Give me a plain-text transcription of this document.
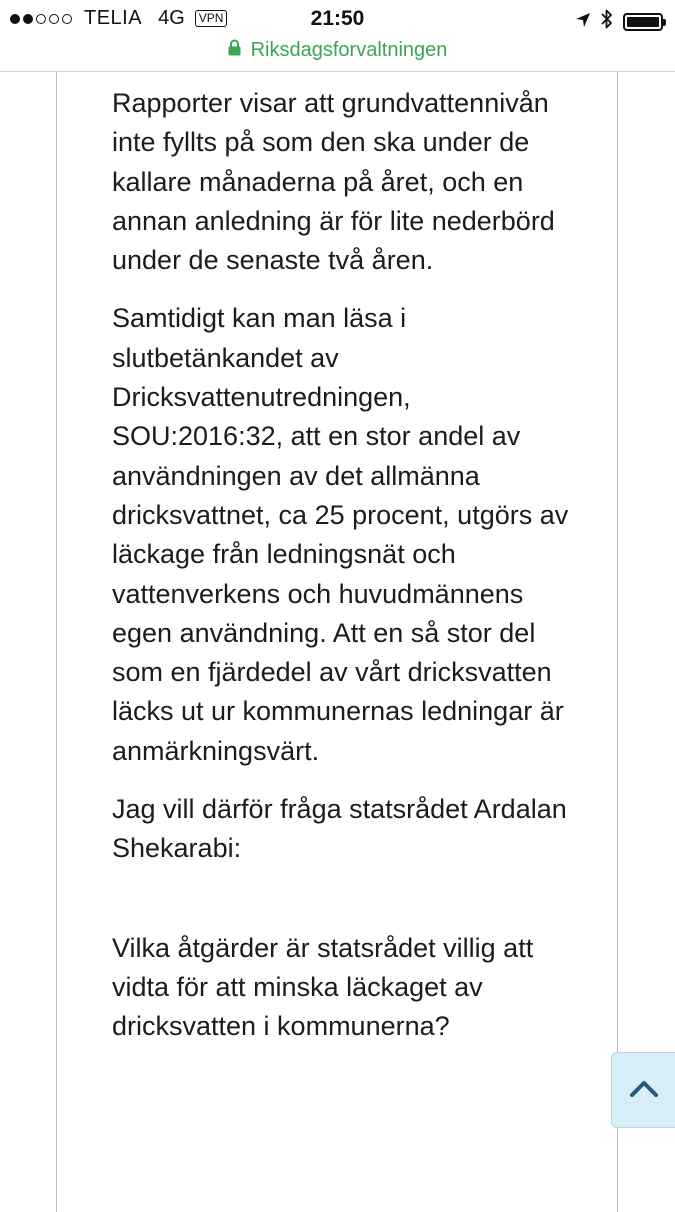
TELIA 4G	VPN	21:50
Riksdagsforvaltningen

Rapporter visar att grundvattennivån inte fyllts på som den ska under de kallare månaderna på året, och en annan anledning är för lite nederbörd under de senaste två åren.

Samtidigt kan man läsa i slutbetänkandet av Dricksvattenutredningen, SOU:2016:32, att en stor andel av användningen av det allmänna dricksvattnet, ca 25 procent, utgörs av läckage från ledningsnät och vattenverkens och huvudmännens egen användning. Att en så stor del som en fjärdedel av vårt dricksvatten läcks ut ur kommunernas ledningar är anmärkningsvärt.

Jag vill därför fråga statsrådet Ardalan Shekarabi:

Vilka åtgärder är statsrådet villig att vidta för att minska läckaget av dricksvatten i kommunerna?
